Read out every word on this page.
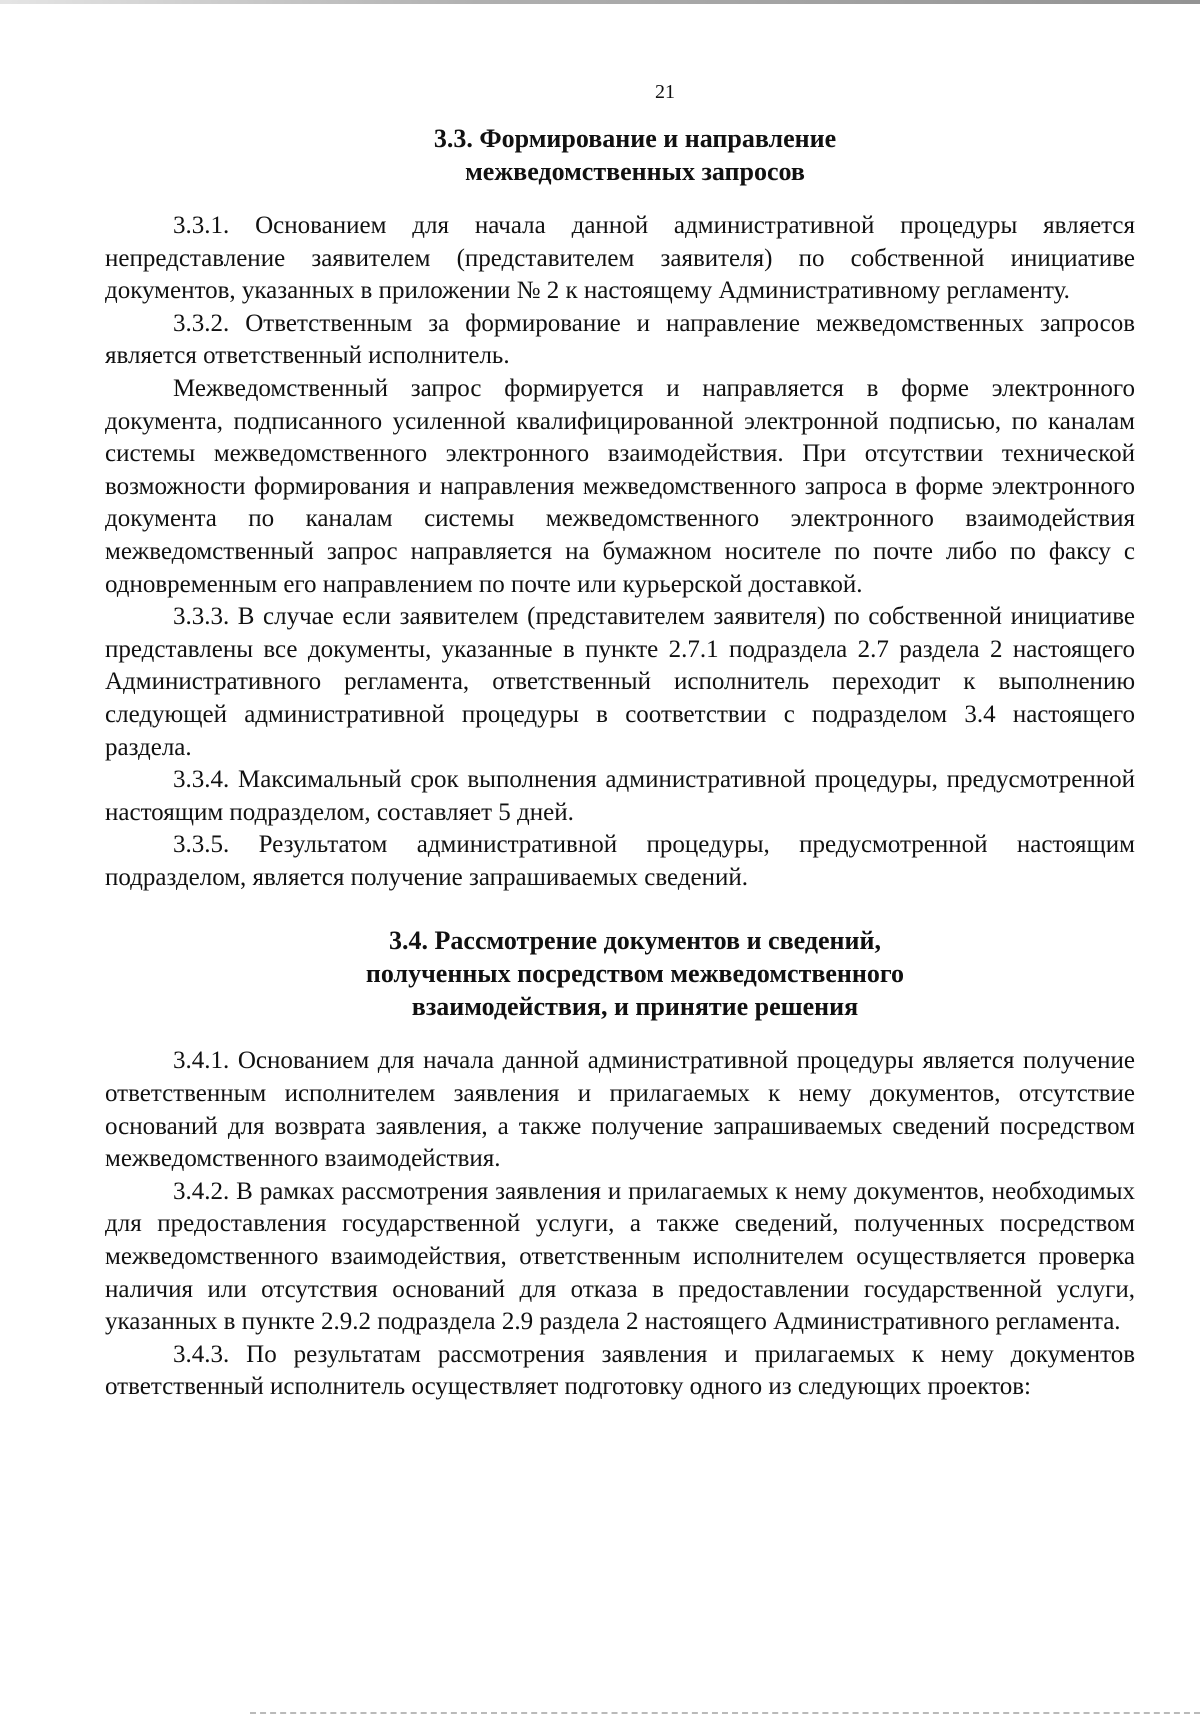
21
3.3. Формирование и направление
межведомственных запросов

3.3.1. Основанием для начала данной административной процедуры является непредставление заявителем (представителем заявителя) по собственной инициативе документов, указанных в приложении № 2 к настоящему Административному регламенту.

3.3.2. Ответственным за формирование и направление межведомственных запросов является ответственный исполнитель.

Межведомственный запрос формируется и направляется в форме электронного документа, подписанного усиленной квалифицированной электронной подписью, по каналам системы межведомственного электронного взаимодействия. При отсутствии технической возможности формирования и направления межведомственного запроса в форме электронного документа по каналам системы межведомственного электронного взаимодействия межведомственный запрос направляется на бумажном носителе по почте либо по факсу с одновременным его направлением по почте или курьерской доставкой.

3.3.3. В случае если заявителем (представителем заявителя) по собственной инициативе представлены все документы, указанные в пункте 2.7.1 подраздела 2.7 раздела 2 настоящего Административного регламента, ответственный исполнитель переходит к выполнению следующей административной процедуры в соответствии с подразделом 3.4 настоящего раздела.

3.3.4. Максимальный срок выполнения административной процедуры, предусмотренной настоящим подразделом, составляет 5 дней.

3.3.5. Результатом административной процедуры, предусмотренной настоящим подразделом, является получение запрашиваемых сведений.

3.4. Рассмотрение документов и сведений,
полученных посредством межведомственного
взаимодействия, и принятие решения

3.4.1. Основанием для начала данной административной процедуры является получение ответственным исполнителем заявления и прилагаемых к нему документов, отсутствие оснований для возврата заявления, а также получение запрашиваемых сведений посредством межведомственного взаимодействия.

3.4.2. В рамках рассмотрения заявления и прилагаемых к нему документов, необходимых для предоставления государственной услуги, а также сведений, полученных посредством межведомственного взаимодействия, ответственным исполнителем осуществляется проверка наличия или отсутствия оснований для отказа в предоставлении государственной услуги, указанных в пункте 2.9.2 подраздела 2.9 раздела 2 настоящего Административного регламента.

3.4.3. По результатам рассмотрения заявления и прилагаемых к нему документов ответственный исполнитель осуществляет подготовку одного из следующих проектов:
